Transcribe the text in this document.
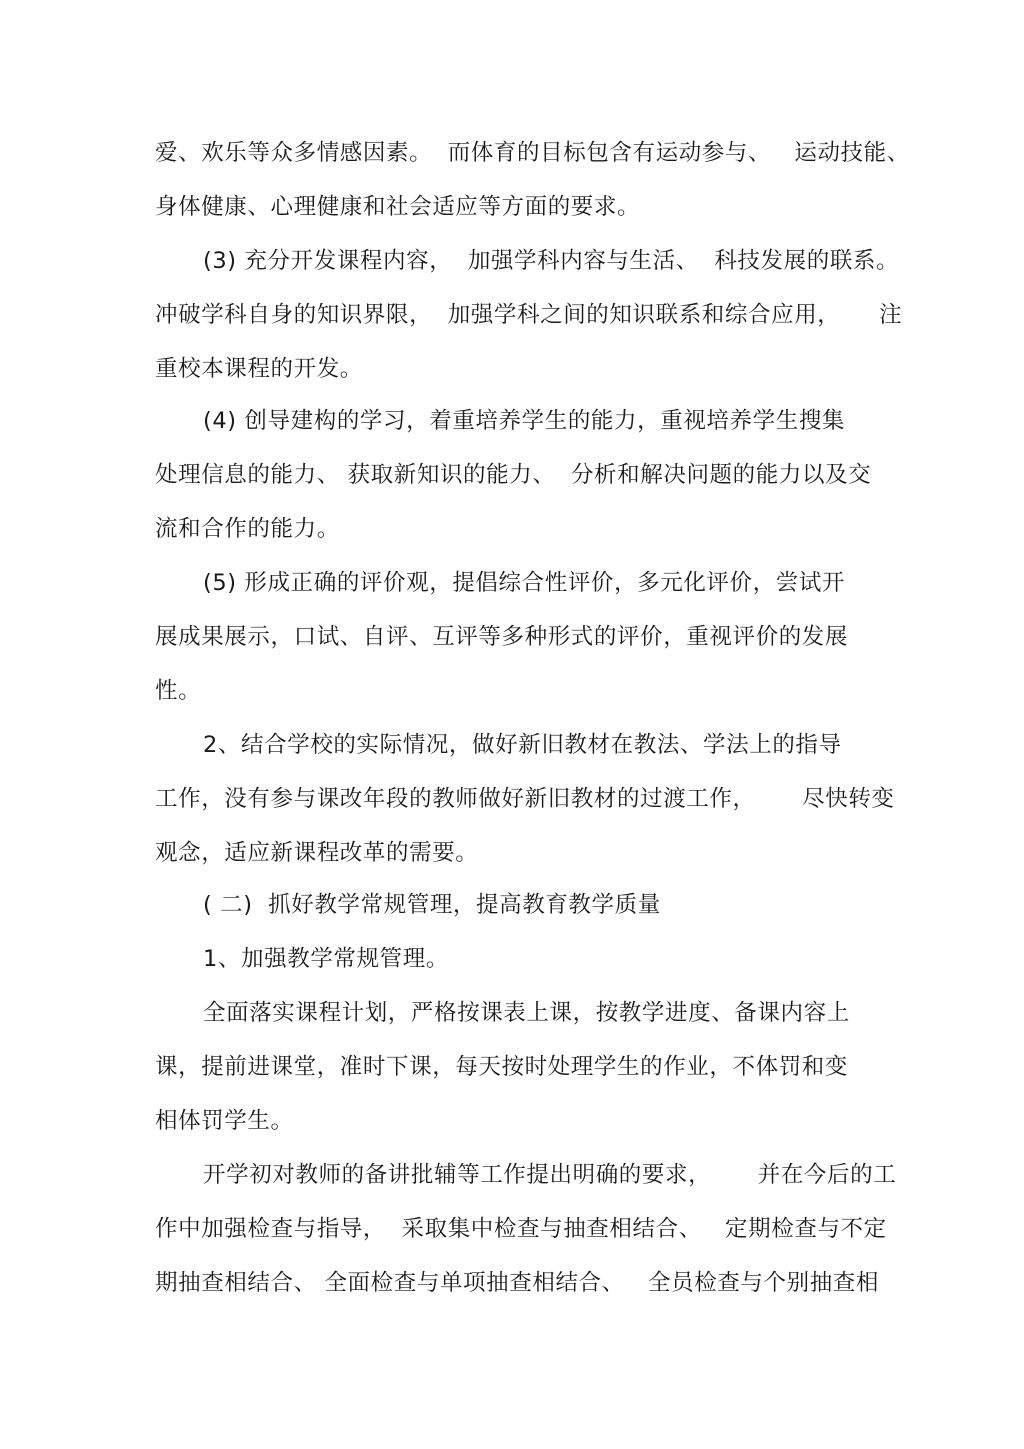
爱、欢乐等众多情感因素。  而体育的目标包含有运动参与、   运动技能、
身体健康、心理健康和社会适应等方面的要求。
(3) 充分开发课程内容，  加强学科内容与生活、  科技发展的联系。
冲破学科自身的知识界限，  加强学科之间的知识联系和综合应用，     注
重校本课程的开发。
(4) 创导建构的学习，着重培养学生的能力，重视培养学生搜集
处理信息的能力、 获取新知识的能力、  分析和解决问题的能力以及交
流和合作的能力。
(5) 形成正确的评价观，提倡综合性评价，多元化评价，尝试开
展成果展示，口试、自评、互评等多种形式的评价，重视评价的发展
性。
2、结合学校的实际情况，做好新旧教材在教法、学法上的指导
工作，没有参与课改年段的教师做好新旧教材的过渡工作，      尽快转变
观念，适应新课程改革的需要。
( 二)  抓好教学常规管理，提高教育教学质量
1、加强教学常规管理。
全面落实课程计划，严格按课表上课，按教学进度、备课内容上
课，提前进课堂，准时下课，每天按时处理学生的作业，不体罚和变
相体罚学生。
开学初对教师的备讲批辅等工作提出明确的要求，      并在今后的工
作中加强检查与指导，  采取集中检查与抽查相结合、   定期检查与不定
期抽查相结合、 全面检查与单项抽查相结合、   全员检查与个别抽查相
